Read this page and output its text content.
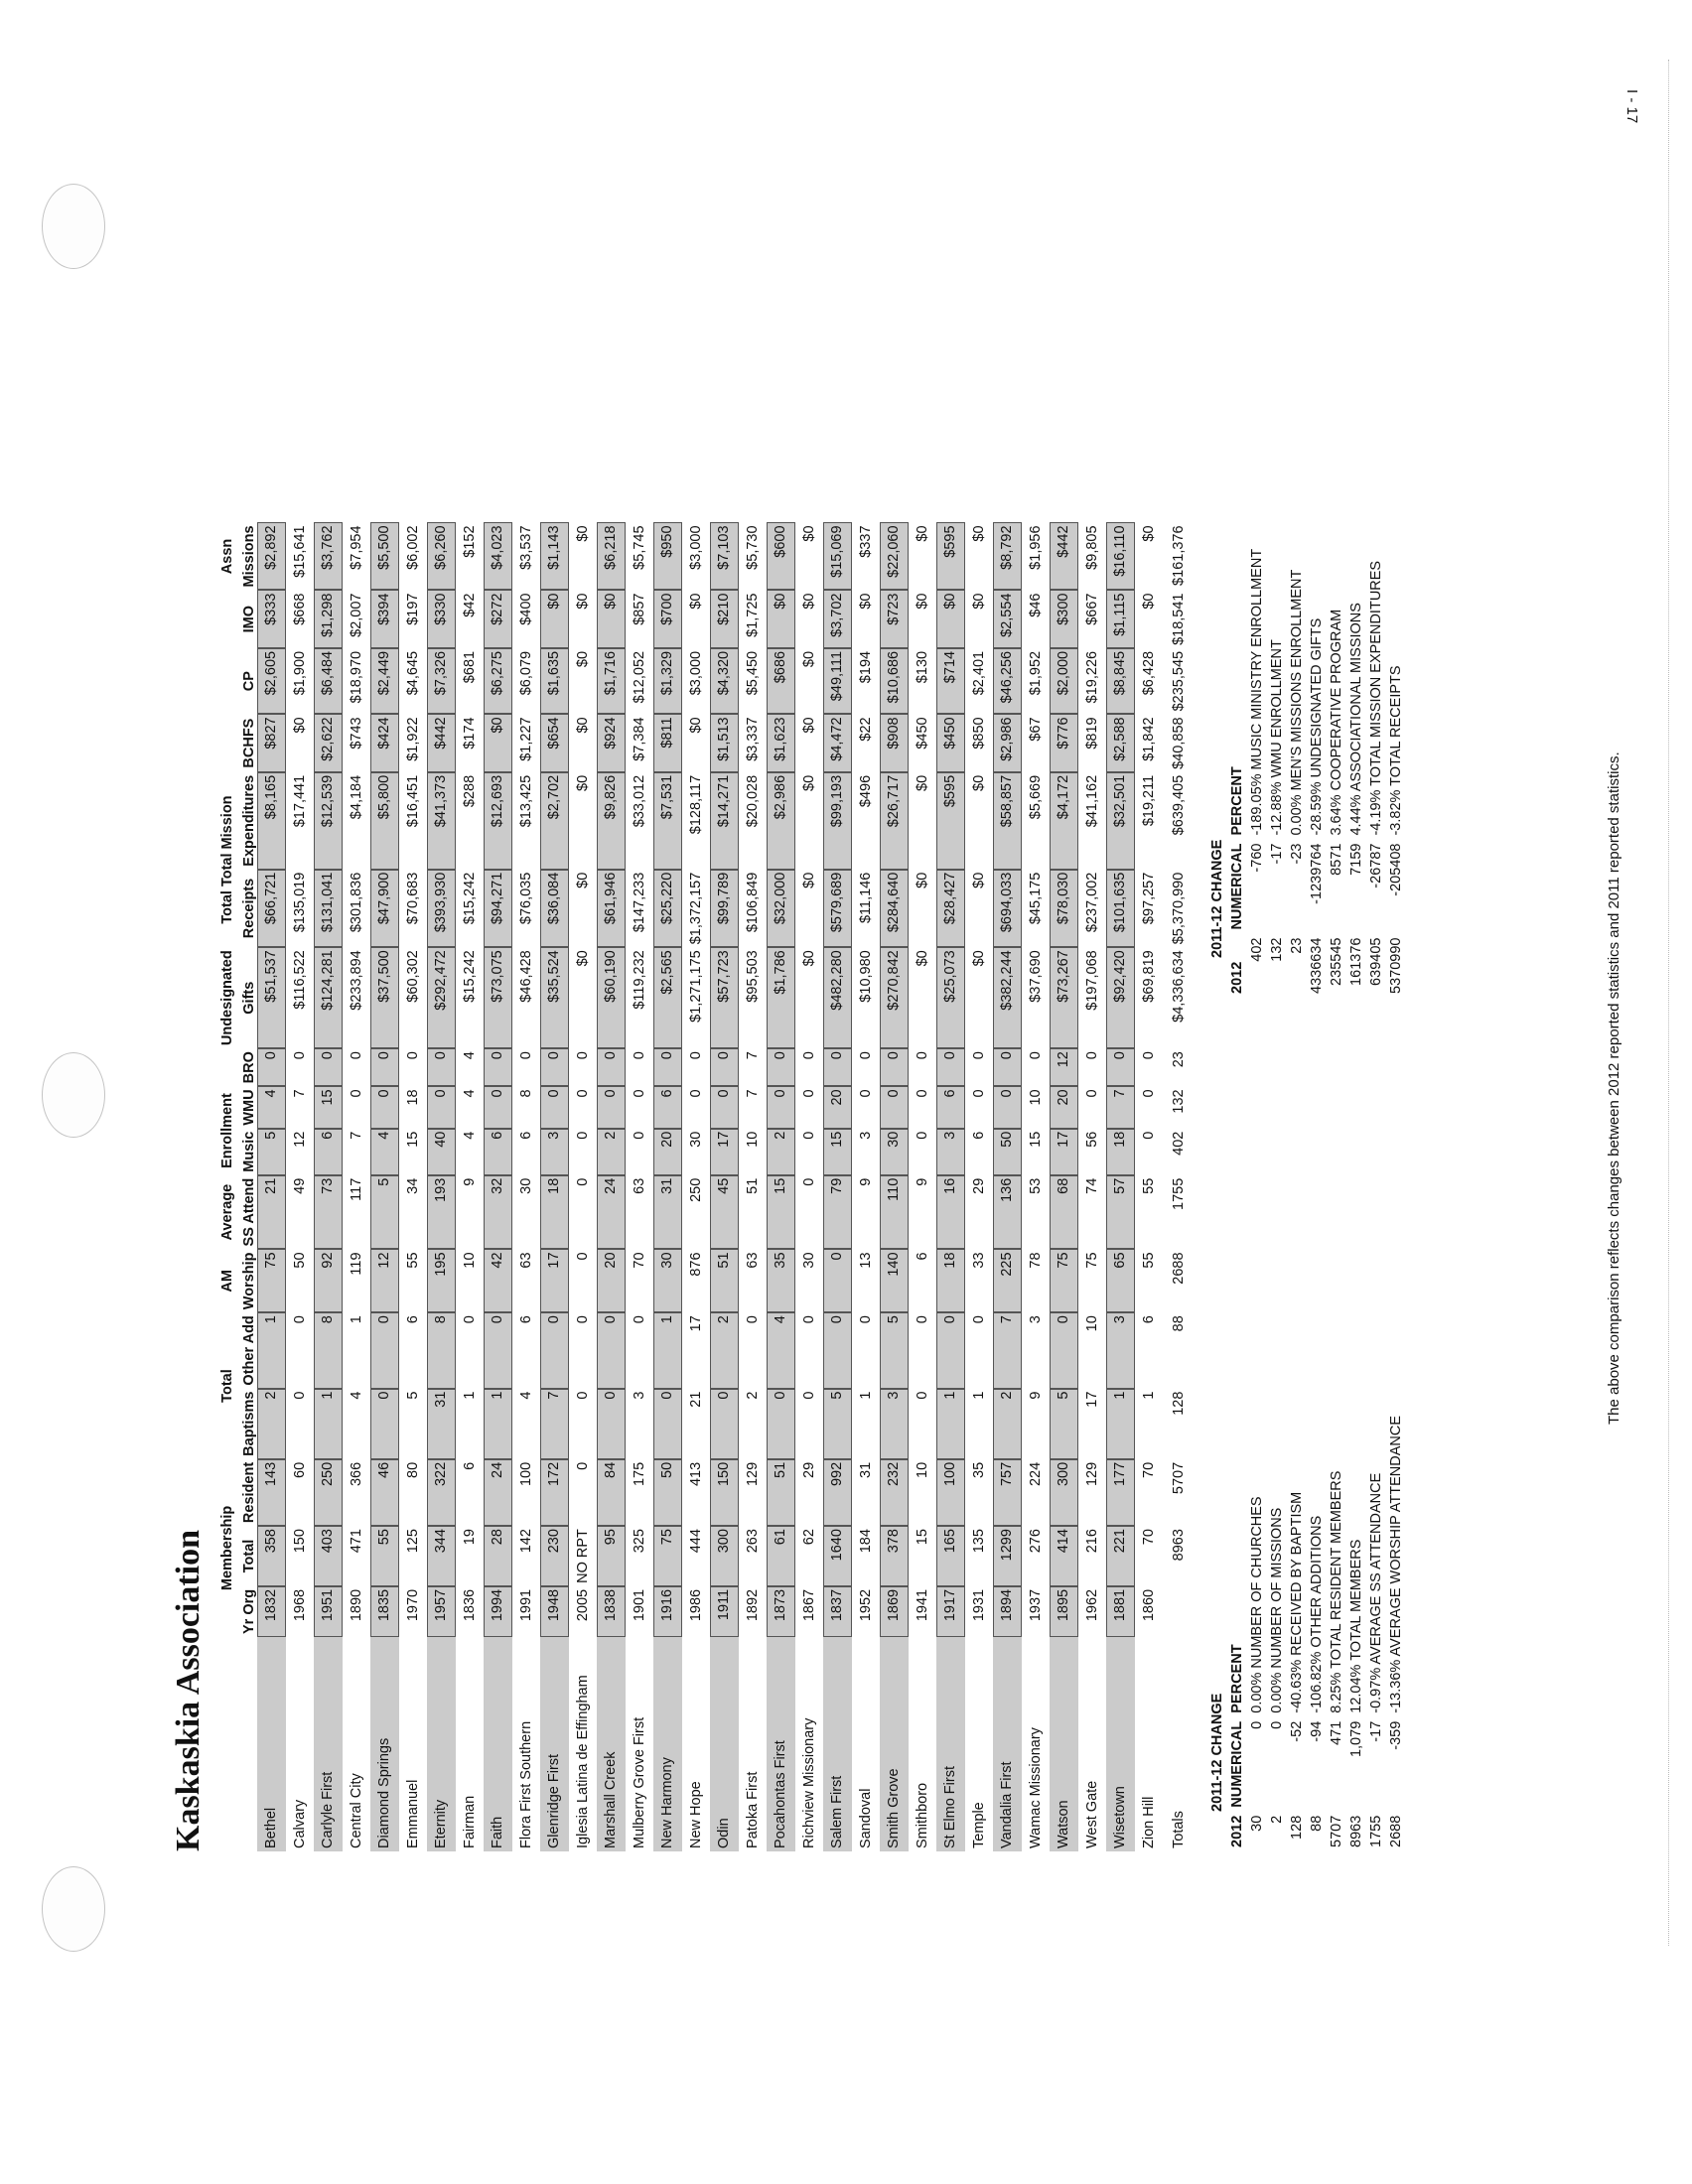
I - 17
Kaskaskia Association
	Membership			Total		AM	Average	Enrollment			Undesignated	Total Total Mission					Assn
	Yr Org	Total	Resident	Baptisms	Other Add	Worship	SS Attend	Music	WMU	BRO	Gifts	Receipts	Expenditures	BCHFS	CP	IMO	Missions
Bethel	1832	358	143	2	1	75	21	5	4	0	$51,537	$66,721	$8,165	$827	$2,605	$333	$2,892
Calvary	1968	150	60	0	0	50	49	12	7	0	$116,522	$135,019	$17,441	$0	$1,900	$668	$15,641
Carlyle First	1951	403	250	1	8	92	73	6	15	0	$124,281	$131,041	$12,539	$2,622	$6,484	$1,298	$3,762
Central City	1890	471	366	4	1	119	117	7	0	0	$233,894	$301,836	$4,184	$743	$18,970	$2,007	$7,954
Diamond Springs	1835	55	46	0	0	12	5	4	0	0	$37,500	$47,900	$5,800	$424	$2,449	$394	$5,500
Emmanuel	1970	125	80	5	6	55	34	15	18	0	$60,302	$70,683	$16,451	$1,922	$4,645	$197	$6,002
Eternity	1957	344	322	31	8	195	193	40	0	0	$292,472	$393,930	$41,373	$442	$7,326	$330	$6,260
Fairman	1836	19	6	1	0	10	9	4	4	4	$15,242	$15,242	$288	$174	$681	$42	$152
Faith	1994	28	24	1	0	42	32	6	0	0	$73,075	$94,271	$12,693	$0	$6,275	$272	$4,023
Flora First Southern	1991	142	100	4	6	63	30	6	8	0	$46,428	$76,035	$13,425	$1,227	$6,079	$400	$3,537
Glenridge First	1948	230	172	7	0	17	18	3	0	0	$35,524	$36,084	$2,702	$654	$1,635	$0	$1,143
Iglesia Latina de Effingham	2005	NO RPT	0	0	0	0	0	0	0	0	$0	$0	$0	$0	$0	$0	$0
Marshall Creek	1838	95	84	0	0	20	24	2	0	0	$60,190	$61,946	$9,826	$924	$1,716	$0	$6,218
Mulberry Grove First	1901	325	175	3	0	70	63	0	0	0	$119,232	$147,233	$33,012	$7,384	$12,052	$857	$5,745
New Harmony	1916	75	50	0	1	30	31	20	6	0	$2,565	$25,220	$7,531	$811	$1,329	$700	$950
New Hope	1986	444	413	21	17	876	250	30	0	0	$1,271,175	$1,372,157	$128,117	$0	$3,000	$0	$3,000
Odin	1911	300	150	0	2	51	45	17	0	0	$57,723	$99,789	$14,271	$1,513	$4,320	$210	$7,103
Patoka First	1892	263	129	2	0	63	51	10	7	7	$95,503	$106,849	$20,028	$3,337	$5,450	$1,725	$5,730
Pocahontas First	1873	61	51	0	4	35	15	2	0	0	$1,786	$32,000	$2,986	$1,623	$686	$0	$600
Richview Missionary	1867	62	29	0	0	30	0	0	0	0	$0	$0	$0	$0	$0	$0	$0
Salem First	1837	1640	992	5	0	0	79	15	20	0	$482,280	$579,689	$99,193	$4,472	$49,111	$3,702	$15,069
Sandoval	1952	184	31	1	0	13	9	3	0	0	$10,980	$11,146	$496	$22	$194	$0	$337
Smith Grove	1869	378	232	3	5	140	110	30	0	0	$270,842	$284,640	$26,717	$908	$10,686	$723	$22,060
Smithboro	1941	15	10	0	0	6	9	0	0	0	$0	$0	$0	$450	$130	$0	$0
St Elmo First	1917	165	100	1	0	18	16	3	6	0	$25,073	$28,427	$595	$450	$714	$0	$595
Temple	1931	135	35	1	0	33	29	6	0	0	$0	$0	$0	$850	$2,401	$0	$0
Vandalia First	1894	1299	757	2	7	225	136	50	0	0	$382,244	$694,033	$58,857	$2,986	$46,256	$2,554	$8,792
Wamac Missionary	1937	276	224	9	3	78	53	15	10	0	$37,690	$45,175	$5,669	$67	$1,952	$46	$1,956
Watson	1895	414	300	5	0	75	68	17	20	12	$73,267	$78,030	$4,172	$776	$2,000	$300	$442
West Gate	1962	216	129	17	10	75	74	56	0	0	$197,068	$237,002	$41,162	$819	$19,226	$667	$9,805
Wisetown	1881	221	177	1	3	65	57	18	7	0	$92,420	$101,635	$32,501	$2,588	$8,845	$1,115	$16,110
Zion Hill	1860	70	70	1	6	55	55	0	0	0	$69,819	$97,257	$19,211	$1,842	$6,428	$0	$0
Totals		8963	5707	128	88	2688	1755	402	132	23	$4,336,634	$5,370,990	$639,405	$40,858	$235,545	$18,541	$161,376
2011-12 CHANGE		
2012	NUMERICAL	PERCENT
30	0	0.00% NUMBER OF CHURCHES
2	0	0.00% NUMBER OF MISSIONS
128	-52	-40.63% RECEIVED BY BAPTISM
88	-94	-106.82% OTHER ADDITIONS
5707	471	8.25% TOTAL RESIDENT MEMBERS
8963	1,079	12.04% TOTAL MEMBERS
1755	-17	-0.97% AVERAGE SS ATTENDANCE
2688	-359	-13.36% AVERAGE WORSHIP ATTENDANCE
2011-12 CHANGE		
2012	NUMERICAL	PERCENT
402	-760	-189.05% MUSIC MINISTRY ENROLLMENT
132	-17	-12.88% WMU ENROLLMENT
23	-23	0.00% MEN'S MISSIONS ENROLLMENT
4336634	-1239764	-28.59% UNDESIGNATED GIFTS
235545	8571	3.64% COOPERATIVE PROGRAM
161376	7159	4.44% ASSOCIATIONAL MISSIONS
639405	-26787	-4.19% TOTAL MISSION EXPENDITURES
5370990	-205408	-3.82% TOTAL RECEIPTS
The above comparison reflects changes between 2012 reported statistics and 2011 reported statistics.
